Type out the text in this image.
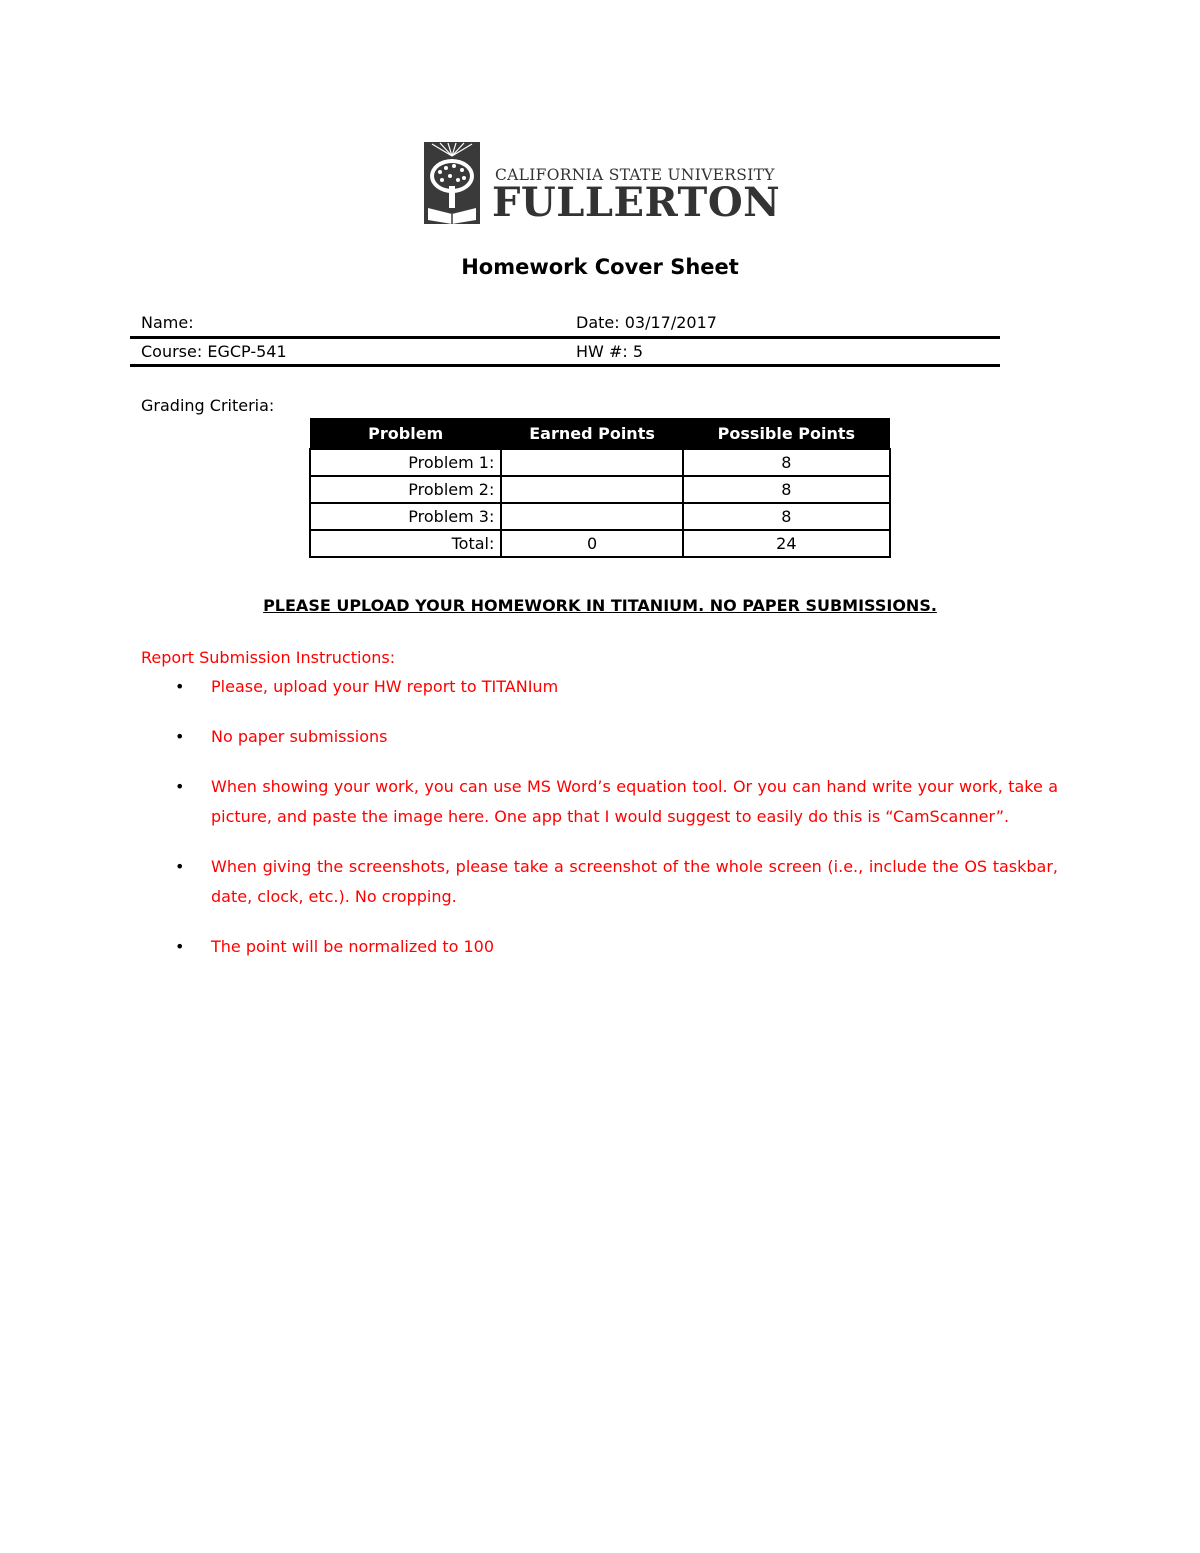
CALIFORNIA STATE UNIVERSITY
FULLERTON
Homework Cover Sheet
Name:	Date: 03/17/2017
Course: EGCP-541	HW #: 5
Grading Criteria:
Problem	Earned Points	Possible Points
Problem 1:		8
Problem 2:		8
Problem 3:		8
Total:	0	24
PLEASE UPLOAD YOUR HOMEWORK IN TITANIUM. NO PAPER SUBMISSIONS.
Report Submission Instructions:
• Please, upload your HW report to TITANIum
• No paper submissions
• When showing your work, you can use MS Word’s equation tool. Or you can hand write your work, take a picture, and paste the image here. One app that I would suggest to easily do this is “CamScanner”.
• When giving the screenshots, please take a screenshot of the whole screen (i.e., include the OS taskbar, date, clock, etc.). No cropping.
• The point will be normalized to 100
